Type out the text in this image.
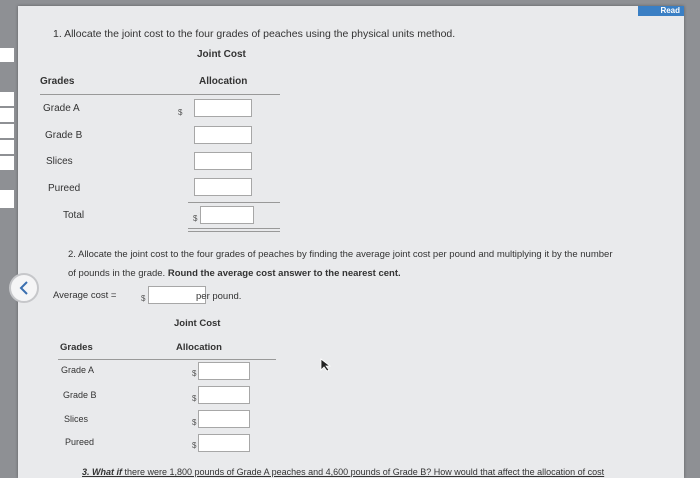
Read
1. Allocate the joint cost to the four grades of peaches using the physical units method.
Joint Cost
Grades	Allocation
Grade A	$
Grade B
Slices
Pureed
Total	$
2. Allocate the joint cost to the four grades of peaches by finding the average joint cost per pound and multiplying it by the number
of pounds in the grade. Round the average cost answer to the nearest cent.
Average cost =	$	per pound.
Joint Cost
Grades	Allocation
Grade A	$
Grade B	$
Slices	$
Pureed	$
3. What if there were 1,800 pounds of Grade A peaches and 4,600 pounds of Grade B? How would that affect the allocation of cost
